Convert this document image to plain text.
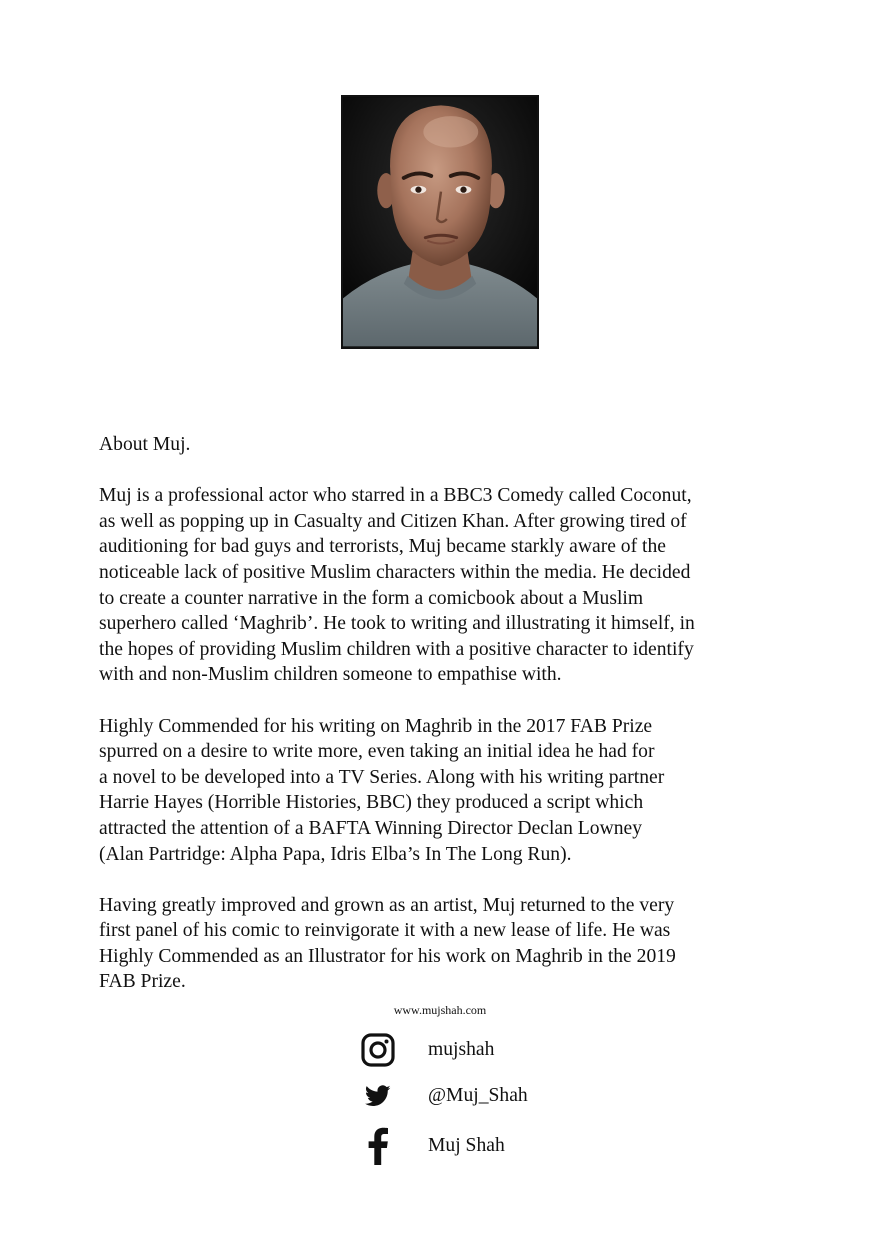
About Muj.

Muj is a professional actor who starred in a BBC3 Comedy called Coconut,
as well as popping up in Casualty and Citizen Khan. After growing tired of
auditioning for bad guys and terrorists, Muj became starkly aware of the
noticeable lack of positive Muslim characters within the media. He decided
to create a counter narrative in the form a comicbook about a Muslim
superhero called ‘Maghrib’. He took to writing and illustrating it himself, in
the hopes of providing Muslim children with a positive character to identify
with and non-Muslim children someone to empathise with.

Highly Commended for his writing on Maghrib in the 2017 FAB Prize
spurred on a desire to write more, even taking an initial idea he had for
a novel to be developed into a TV Series. Along with his writing partner
Harrie Hayes (Horrible Histories, BBC) they produced a script which
attracted the attention of a BAFTA Winning Director Declan Lowney
(Alan Partridge: Alpha Papa, Idris Elba’s In The Long Run).

Having greatly improved and grown as an artist, Muj returned to the very
first panel of his comic to reinvigorate it with a new lease of life. He was
Highly Commended as an Illustrator for his work on Maghrib in the 2019
FAB Prize.

www.mujshah.com
mujshah
@Muj_Shah
Muj Shah
